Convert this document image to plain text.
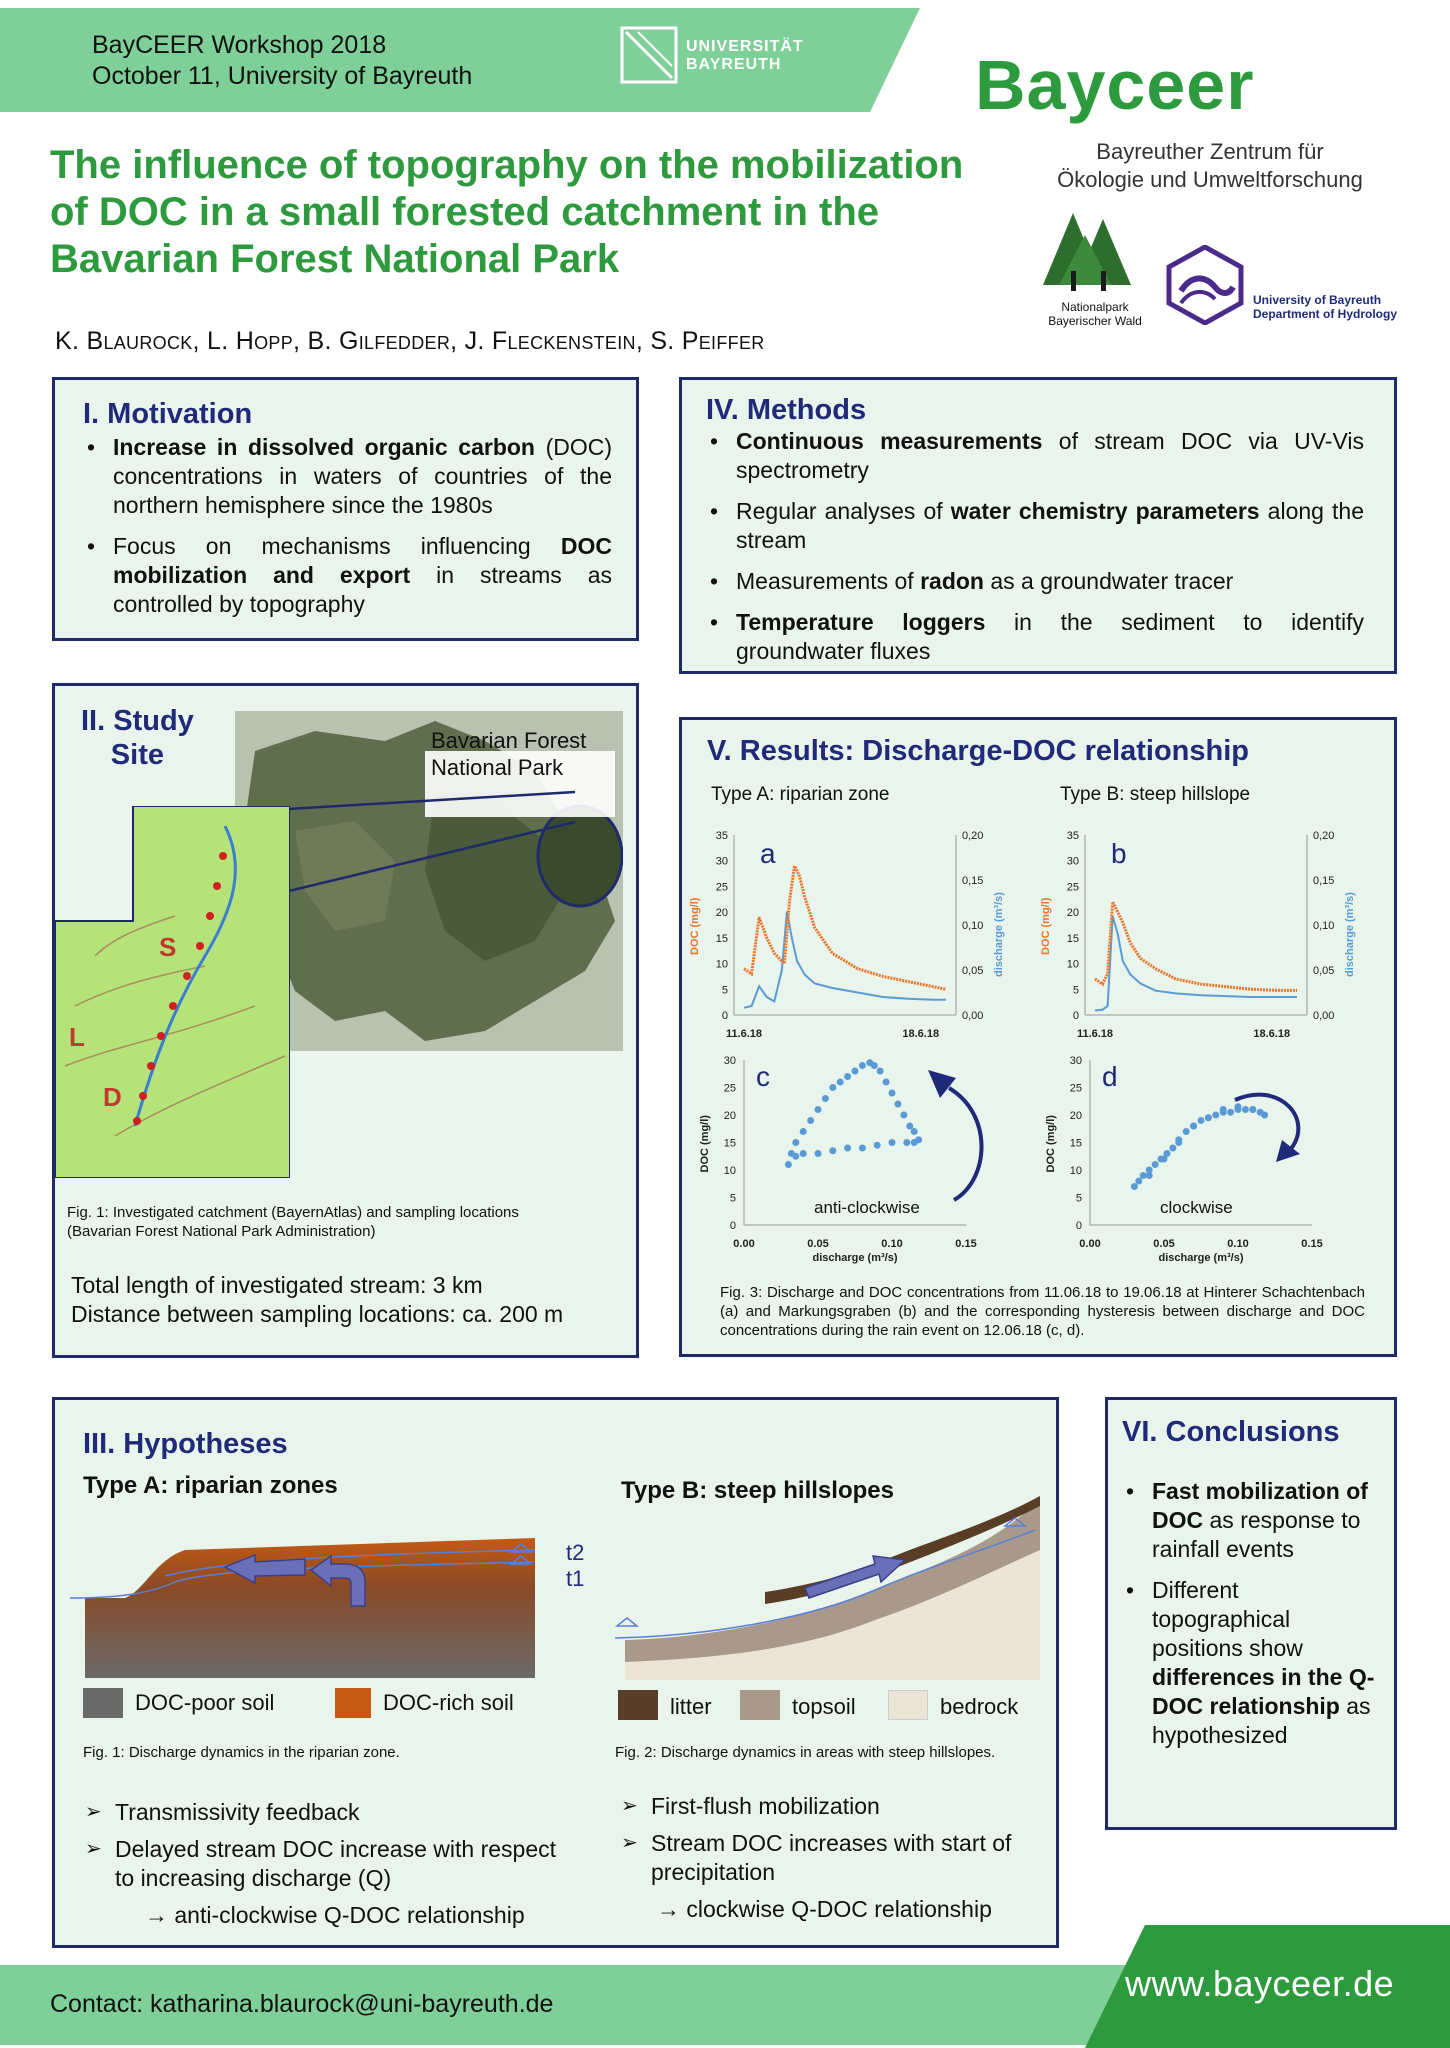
BayCEER Workshop 2018
October 11, University of Bayreuth
UNIVERSITÄT
BAYREUTH	Bayceer
Bayreuther Zentrum für
Ökologie und Umweltforschung
Nationalpark
Bayerischer Wald
University of Bayreuth
Department of Hydrology
The influence of topography on the mobilization
of DOC in a small forested catchment in the
Bavarian Forest National Park
K. Blaurock, L. Hopp, B. Gilfedder, J. Fleckenstein, S. Peiffer
I. Motivation
• Increase in dissolved organic carbon (DOC) concentrations in waters of countries of the northern hemisphere since the 1980s
• Focus on mechanisms influencing DOC mobilization and export in streams as controlled by topography
IV. Methods
• Continuous measurements of stream DOC via UV-Vis spectrometry
• Regular analyses of water chemistry parameters along the stream
• Measurements of radon as a groundwater tracer
• Temperature loggers in the sediment to identify groundwater fluxes
II. Study
Site	Bavarian Forest
National Park
S
D
L
Fig. 1: Investigated catchment (BayernAtlas) and sampling locations
(Bavarian Forest National Park Administration)
Total length of investigated stream: 3 km
Distance between sampling locations: ca. 200 m
V. Results: Discharge-DOC relationship
Type A: riparian zone	Type B: steep hillslope
0
5
10
15
20
25
30
35
0,00
0,05
0,10
0,15
0,20
11.6.18	18.6.18
DOC (mg/l)	discharge (m³/s)
a
0
5
10
15
20
25
30
35
0,00
0,05
0,10
0,15
0,20
11.6.18	18.6.18
DOC (mg/l)	discharge (m³/s)
b
0
5
10
15
20
25
30
0.00	0.05	0.10	0.15
discharge (m³/s)
DOC (mg/l)
c
anti-clockwise
0
5
10
15
20
25
30
0.00	0.05	0.10	0.15
discharge (m³/s)
DOC (mg/l)
d
clockwise
Fig. 3: Discharge and DOC concentrations from 11.06.18 to 19.06.18 at Hinterer Schachtenbach (a) and Markungsgraben (b) and the corresponding hysteresis between discharge and DOC concentrations during the rain event on 12.06.18 (c, d).
III. Hypotheses
Type A: riparian zones	Type B: steep hillslopes
t2
t1
DOC-poor soil	DOC-rich soil
Fig. 1: Discharge dynamics in the riparian zone.
litter	topsoil	bedrock
Fig. 2: Discharge dynamics in areas with steep hillslopes.
➢ Transmissivity feedback
➢ Delayed stream DOC increase with respect to increasing discharge (Q)
→ anti-clockwise Q-DOC relationship
➢ First-flush mobilization
➢ Stream DOC increases with start of precipitation
→ clockwise Q-DOC relationship
VI. Conclusions
• Fast mobilization of DOC as response to rainfall events
• Different topographical positions show differences in the Q-DOC relationship as hypothesized
Contact: katharina.blaurock@uni-bayreuth.de	www.bayceer.de
